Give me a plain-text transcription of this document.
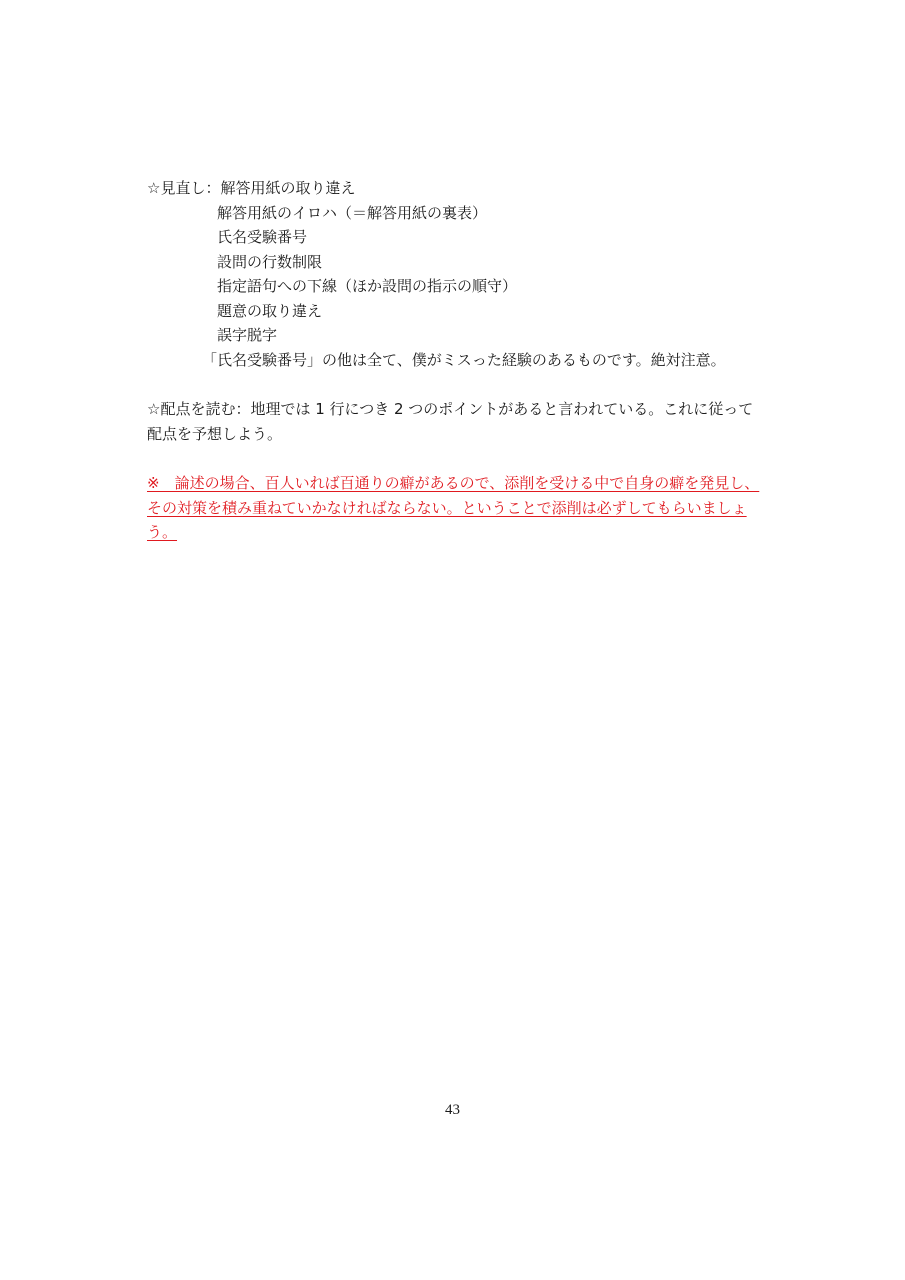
☆見直し：解答用紙の取り違え
解答用紙のイロハ（＝解答用紙の裏表）
氏名受験番号
設問の行数制限
指定語句への下線（ほか設問の指示の順守）
題意の取り違え
誤字脱字
「氏名受験番号」の他は全て、僕がミスった経験のあるものです。絶対注意。
☆配点を読む：地理では 1 行につき 2 つのポイントがあると言われている。これに従って
配点を予想しよう。
※　論述の場合、百人いれば百通りの癖があるので、添削を受ける中で自身の癖を発見し、
その対策を積み重ねていかなければならない。ということで添削は必ずしてもらいましょ
う。
43
